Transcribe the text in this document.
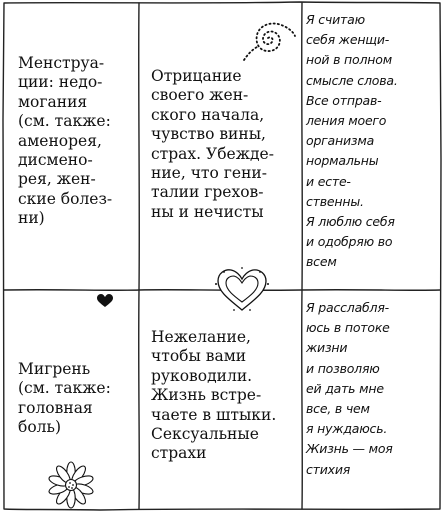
Менструа-
ции: недо-
могания
(см. также:
аменорея,
дисмено-
рея, жен-
ские болез-
ни)
Отрицание
своего жен-
ского начала,
чувство вины,
страх. Убежде-
ние, что гени-
талии грехов-
ны и нечисты
Я считаю
себя женщи-
ной в полном
смысле слова.
Все отправ-
ления моего
организма
нормальны
и есте-
ственны.
Я люблю себя
и одобряю во
всем
Мигрень
(см. также:
головная
боль)
Нежелание,
чтобы вами
руководили.
Жизнь встре-
чаете в штыки.
Сексуальные
страхи
Я расслабля-
юсь в потоке
жизни
и позволяю
ей дать мне
все, в чем
я нуждаюсь.
Жизнь — моя
стихия
